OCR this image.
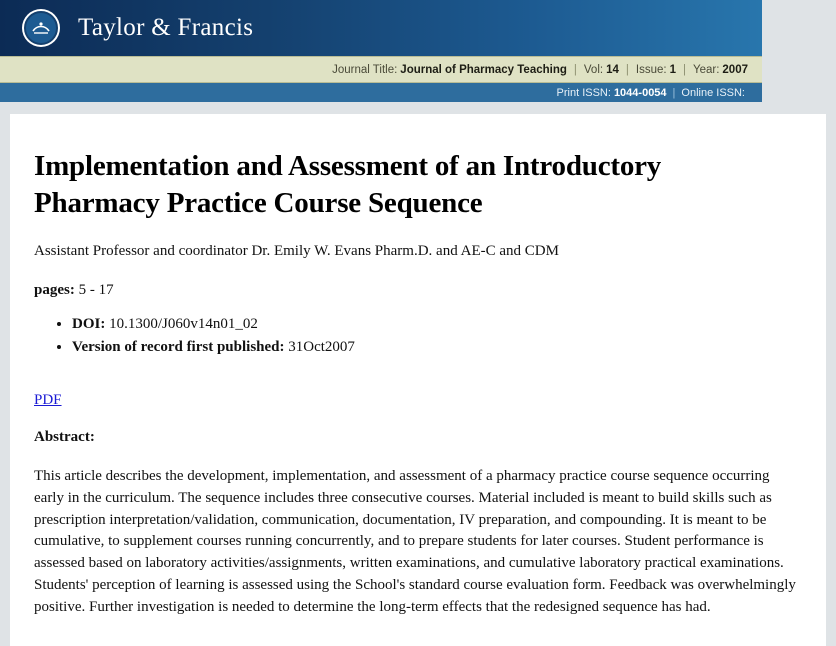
Taylor & Francis
Journal Title: Journal of Pharmacy Teaching | Vol: 14 | Issue: 1 | Year: 2007
Print ISSN: 1044-0054 | Online ISSN:
Implementation and Assessment of an Introductory Pharmacy Practice Course Sequence

Assistant Professor and coordinator Dr. Emily W. Evans Pharm.D. and AE-C and CDM

pages: 5 - 17

• DOI: 10.1300/J060v14n01_02
• Version of record first published: 31Oct2007
PDF

Abstract:

This article describes the development, implementation, and assessment of a pharmacy practice course sequence occurring early in the curriculum. The sequence includes three consecutive courses. Material included is meant to build skills such as prescription interpretation/validation, communication, documentation, IV preparation, and compounding. It is meant to be cumulative, to supplement courses running concurrently, and to prepare students for later courses. Student performance is assessed based on laboratory activities/assignments, written examinations, and cumulative laboratory practical examinations. Students' perception of learning is assessed using the School's standard course evaluation form. Feedback was overwhelmingly positive. Further investigation is needed to determine the long-term effects that the redesigned sequence has had.
